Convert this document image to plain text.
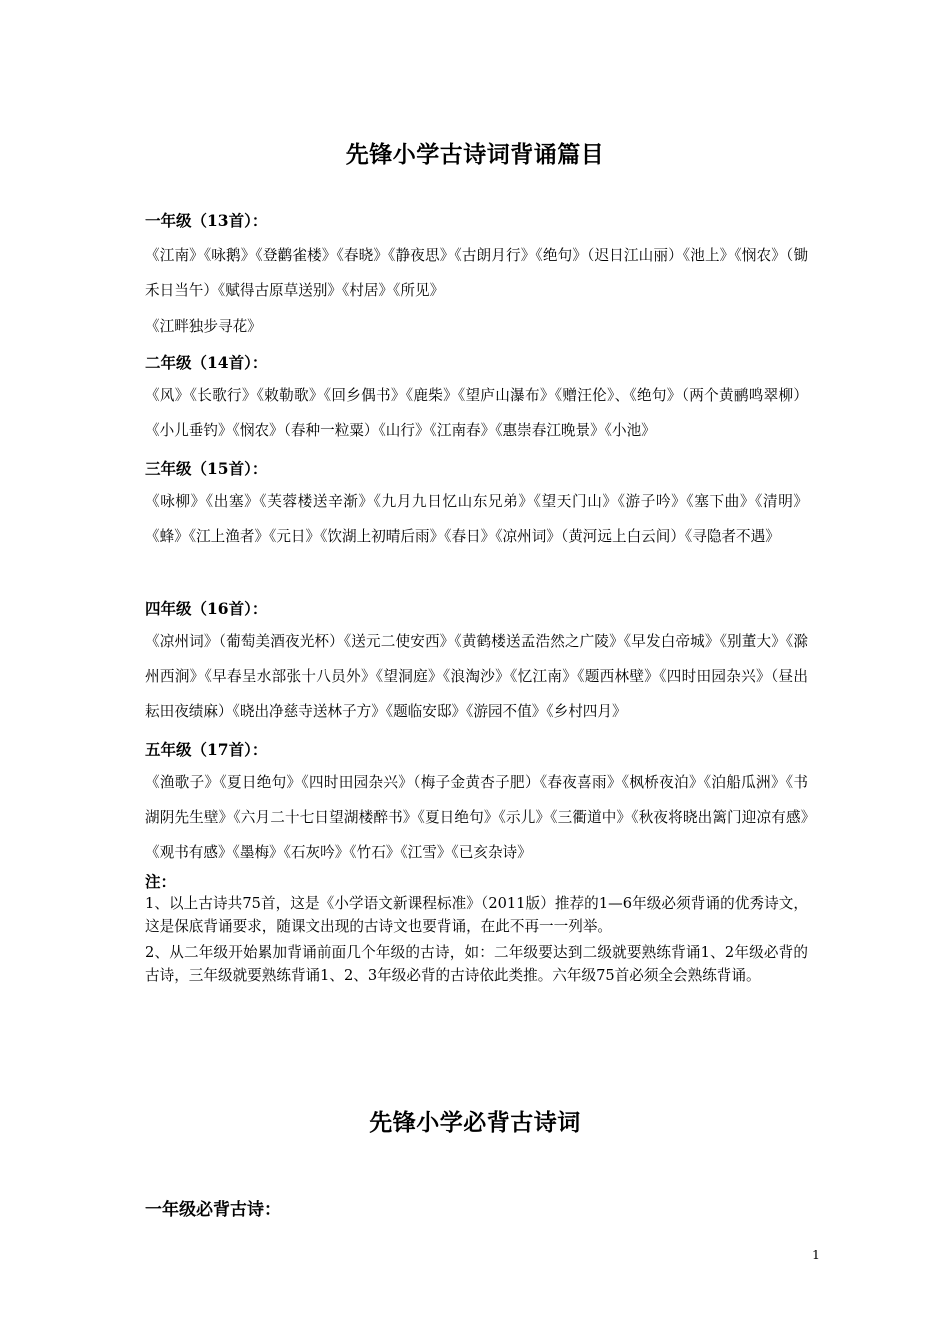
先锋小学古诗词背诵篇目
一年级（13首）：

《江南》《咏鹅》《登鹳雀楼》《春晓》《静夜思》《古朗月行》《绝句》（迟日江山丽）《池上》《悯农》（锄禾日当午）《赋得古原草送别》《村居》《所见》

《江畔独步寻花》

二年级（14首）：

《风》《长歌行》《敕勒歌》《回乡偶书》《鹿柴》《望庐山瀑布》《赠汪伦》、《绝句》（两个黄鹂鸣翠柳）《小儿垂钓》《悯农》（春种一粒粟）《山行》《江南春》《惠崇春江晚景》《小池》

三年级（15首）：

《咏柳》《出塞》《芙蓉楼送辛渐》《九月九日忆山东兄弟》《望天门山》《游子吟》《塞下曲》《清明》《蜂》《江上渔者》《元日》《饮湖上初晴后雨》《春日》《凉州词》（黄河远上白云间）《寻隐者不遇》

四年级（16首）：

《凉州词》（葡萄美酒夜光杯）《送元二使安西》《黄鹤楼送孟浩然之广陵》《早发白帝城》《别董大》《滁州西涧》《早春呈水部张十八员外》《望洞庭》《浪淘沙》《忆江南》《题西林壁》《四时田园杂兴》（昼出耘田夜绩麻）《晓出净慈寺送林子方》《题临安邸》《游园不值》《乡村四月》

五年级（17首）：

《渔歌子》《夏日绝句》《四时田园杂兴》（梅子金黄杏子肥）《春夜喜雨》《枫桥夜泊》《泊船瓜洲》《书湖阴先生壁》《六月二十七日望湖楼醉书》《夏日绝句》《示儿》《三衢道中》《秋夜将晓出篱门迎凉有感》《观书有感》《墨梅》《石灰吟》《竹石》《江雪》《已亥杂诗》

注：

1、以上古诗共75首，这是《小学语文新课程标准》（2011版）推荐的1—6年级必须背诵的优秀诗文，这是保底背诵要求，随课文出现的古诗文也要背诵，在此不再一一列举。

2、从二年级开始累加背诵前面几个年级的古诗，如：二年级要达到二级就要熟练背诵1、2年级必背的古诗，三年级就要熟练背诵1、2、3年级必背的古诗依此类推。六年级75首必须全会熟练背诵。

先锋小学必背古诗词
一年级必背古诗：
1
